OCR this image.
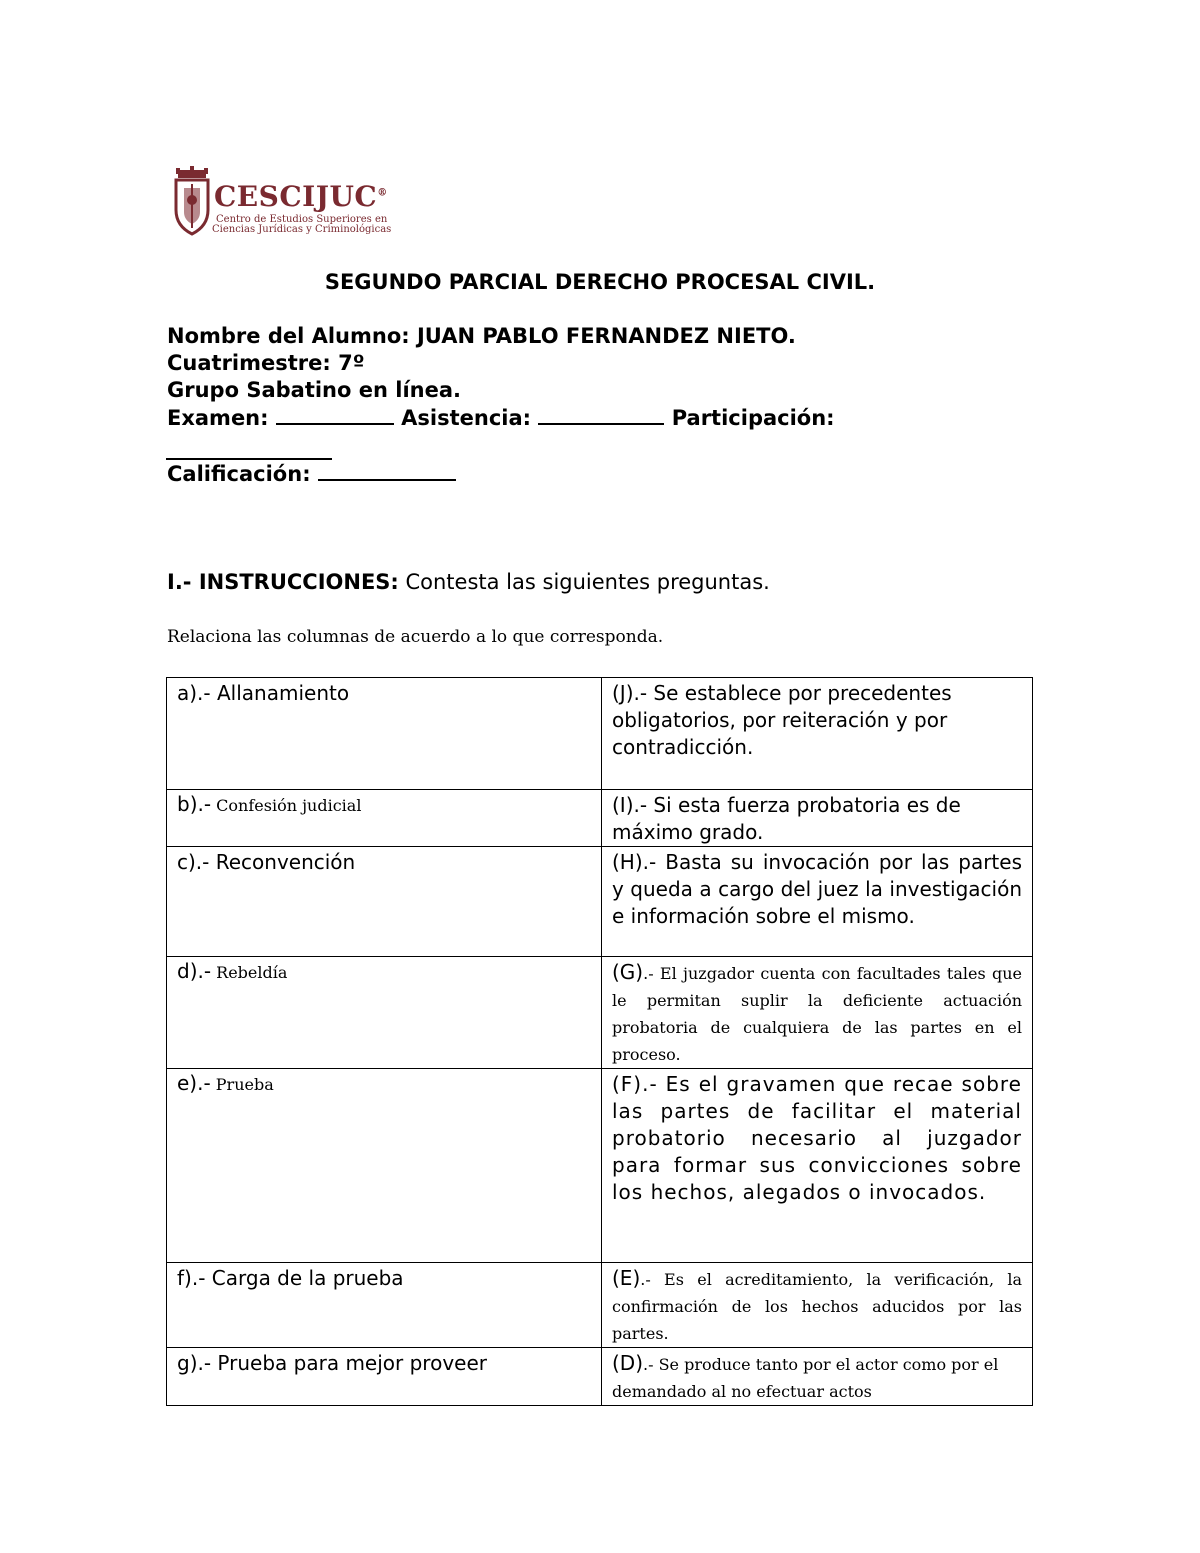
CESCIJUC®
Centro de Estudios Superiores en
Ciencias Jurídicas y Criminológicas
SEGUNDO PARCIAL DERECHO PROCESAL CIVIL.
Nombre del Alumno: JUAN PABLO FERNANDEZ NIETO.
Cuatrimestre: 7º
Grupo Sabatino en línea.
Examen:	Asistencia:	Participación:
Calificación:
I.- INSTRUCCIONES: Contesta las siguientes preguntas.
Relaciona las columnas de acuerdo a lo que corresponda.
a).- Allanamiento	(J).- Se establece por precedentes obligatorios, por reiteración y por contradicción.
b).- Confesión judicial	(I).- Si esta fuerza probatoria es de máximo grado.
c).- Reconvención	(H).- Basta su invocación por las partes y queda a cargo del juez la investigación e información sobre el mismo.
d).- Rebeldía	(G).- El juzgador cuenta con facultades tales que le permitan suplir la deficiente actuación probatoria de cualquiera de las partes en el proceso.
e).- Prueba	(F).- Es el gravamen que recae sobre las partes de facilitar el material probatorio necesario al juzgador para formar sus convicciones sobre los hechos, alegados o invocados.
f).- Carga de la prueba	(E).- Es el acreditamiento, la verificación, la confirmación de los hechos aducidos por las partes.
g).- Prueba para mejor proveer	(D).- Se produce tanto por el actor como por el demandado al no efectuar actos
